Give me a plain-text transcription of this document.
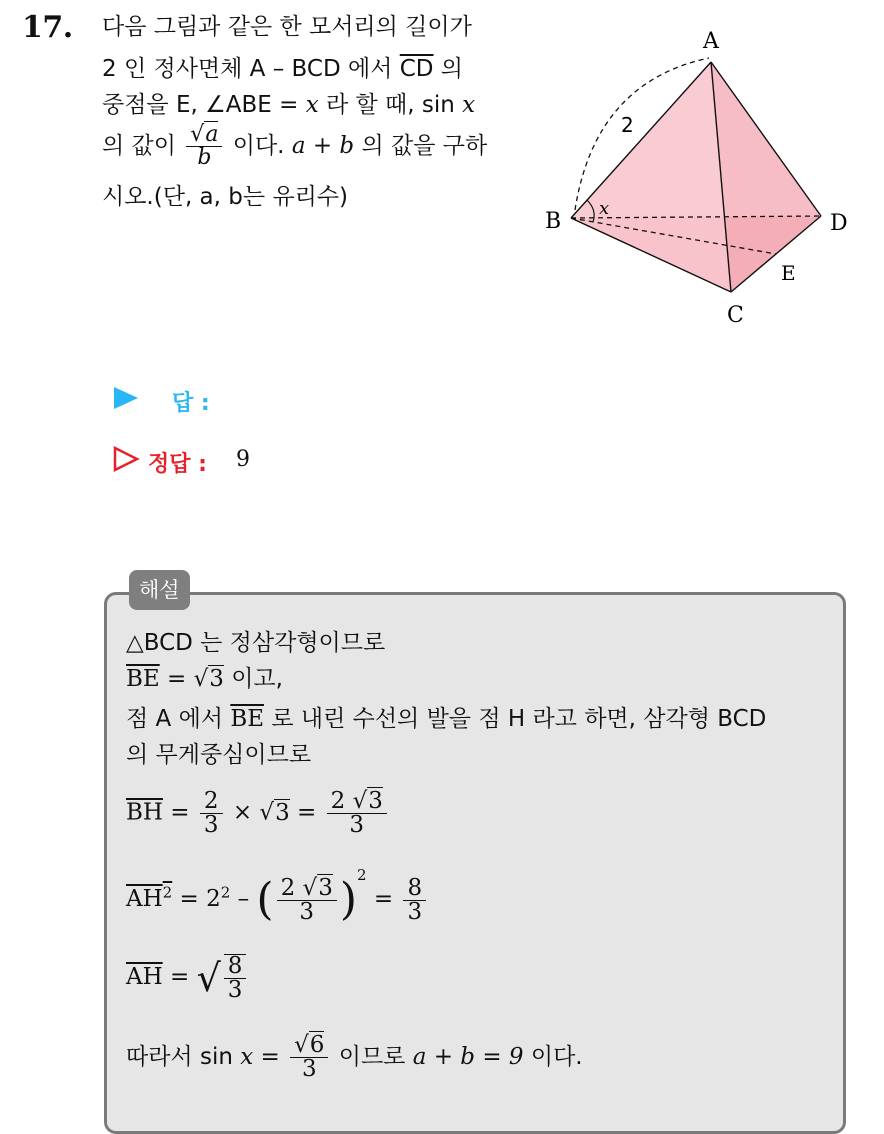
17. 다음 그림과 같은 한 모서리의 길이가
2 인 정사면체 A – BCD 에서 $\overline{CD}$ 의
중점을 E, ∠ABE = x 라 할 때, sin x
의 값이 $\frac{√a}{b}$ 이다. a + b 의 값을 구하
시오.(단, a, b는 유리수)
A
B
C
D
E
2
x
답 :
정답 : 9
해설
△BCD 는 정삼각형이므로
$\overline{BE} = √3$ 이고,
점 A 에서 $\overline{BE}$ 로 내린 수선의 발을 점 H 라고 하면, 삼각형 BCD
의 무게중심이므로
$\overline{BH} = \frac{2}{3} \times √3 = \frac{2 √3}{3}$
$AH^2 = 2^2$ – ( $\frac{2 √3}{3} )^2 = \frac{8}{3}$
$\overline{AH}$ = √ $\frac{8}{3}$
따라서 $\sin x = \frac{√6}{3}$ 이므로 a + b = 9 이다.
